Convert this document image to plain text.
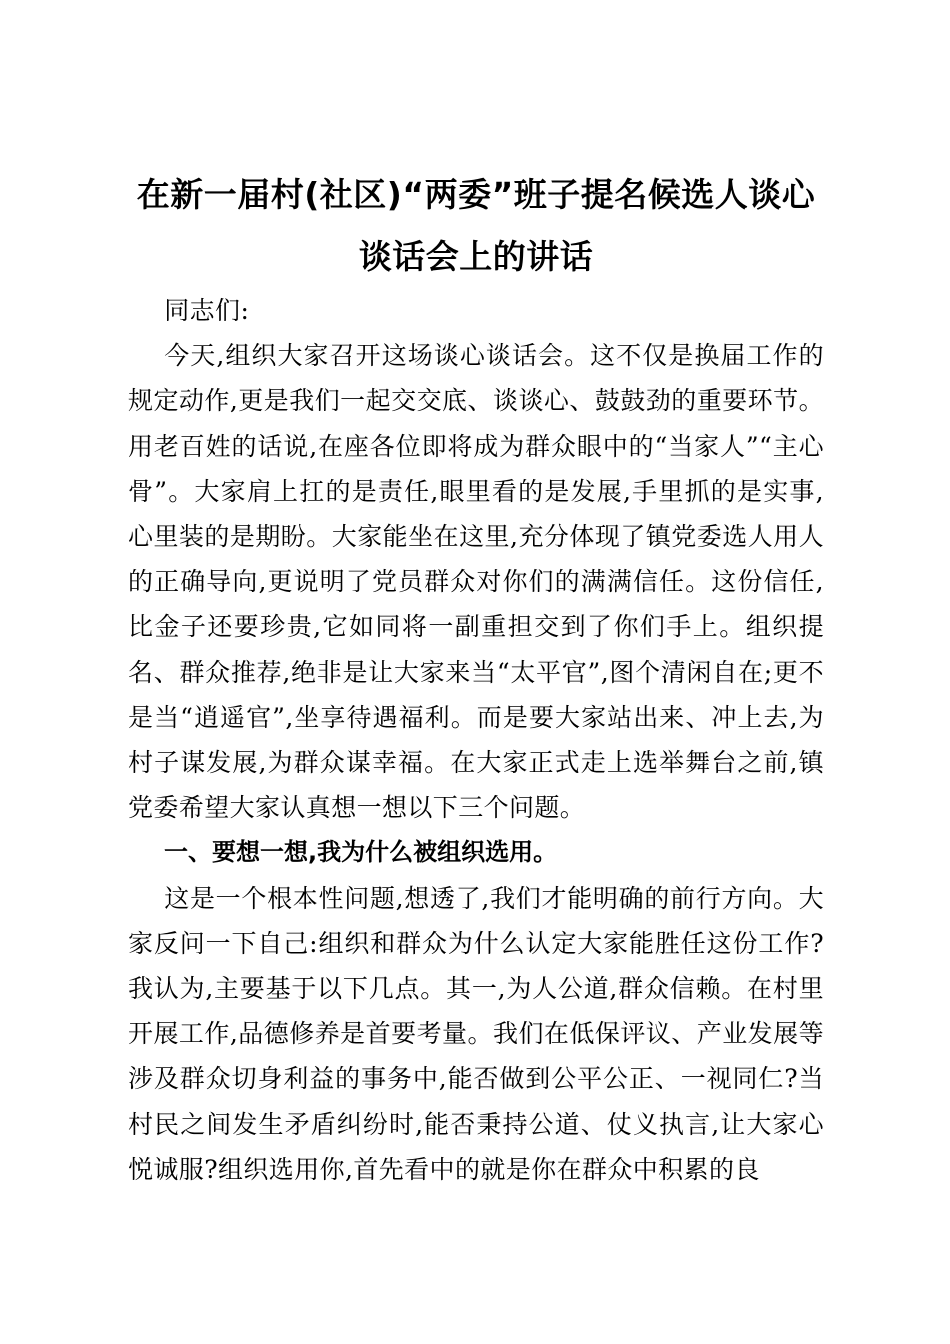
在新一届村(社区)“两委”班子提名候选人谈心谈话会上的讲话

同志们:

今天,组织大家召开这场谈心谈话会。这不仅是换届工作的规定动作,更是我们一起交交底、谈谈心、鼓鼓劲的重要环节。用老百姓的话说,在座各位即将成为群众眼中的“当家人”“主心骨”。大家肩上扛的是责任,眼里看的是发展,手里抓的是实事,心里装的是期盼。大家能坐在这里,充分体现了镇党委选人用人的正确导向,更说明了党员群众对你们的满满信任。这份信任,比金子还要珍贵,它如同将一副重担交到了你们手上。组织提名、群众推荐,绝非是让大家来当“太平官”,图个清闲自在;更不是当“逍遥官”,坐享待遇福利。而是要大家站出来、冲上去,为村子谋发展,为群众谋幸福。在大家正式走上选举舞台之前,镇党委希望大家认真想一想以下三个问题。

一、要想一想,我为什么被组织选用。

这是一个根本性问题,想透了,我们才能明确的前行方向。大家反问一下自己:组织和群众为什么认定大家能胜任这份工作?我认为,主要基于以下几点。其一,为人公道,群众信赖。在村里开展工作,品德修养是首要考量。我们在低保评议、产业发展等涉及群众切身利益的事务中,能否做到公平公正、一视同仁?当村民之间发生矛盾纠纷时,能否秉持公道、仗义执言,让大家心悦诚服?组织选用你,首先看中的就是你在群众中积累的良
